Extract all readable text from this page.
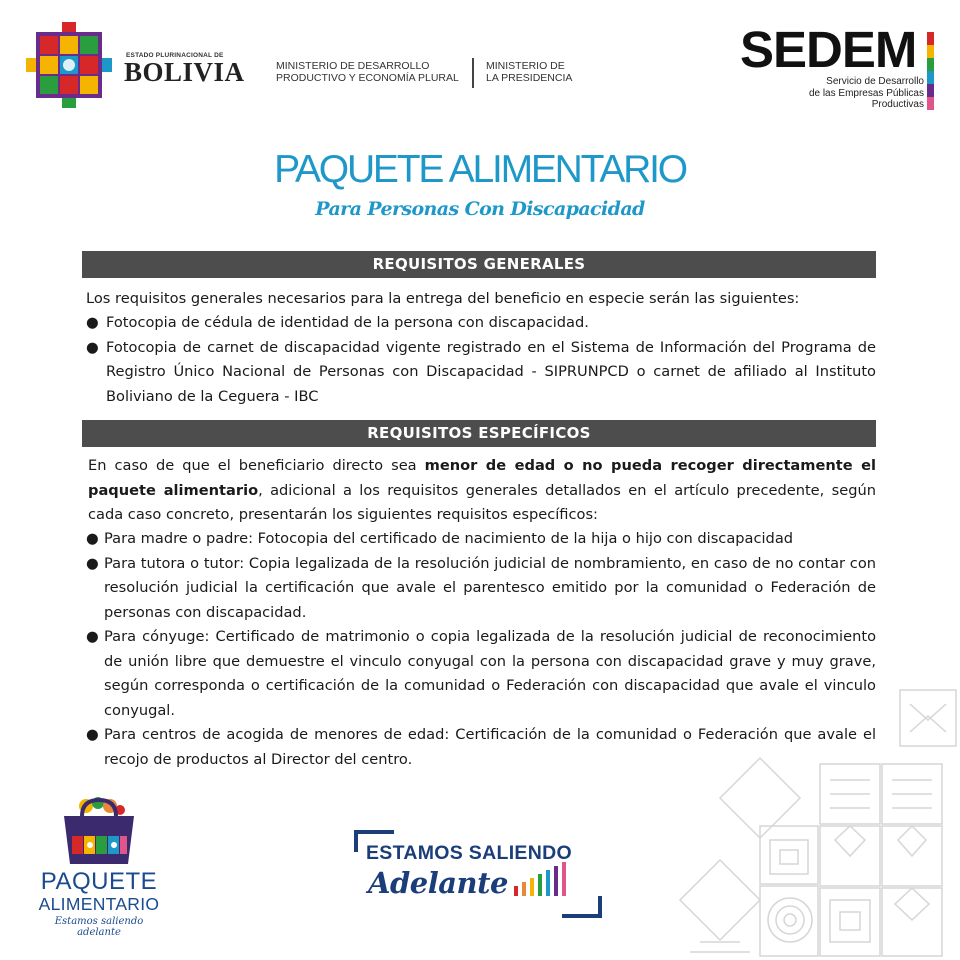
ESTADO PLURINACIONAL DE
BOLIVIA	MINISTERIO DE DESARROLLO
PRODUCTIVO Y ECONOMÍA PLURAL
MINISTERIO DE
LA PRESIDENCIA	SEDEM
Servicio de Desarrollo
de las Empresas Públicas
Productivas
PAQUETE ALIMENTARIO
Para Personas Con Discapacidad
REQUISITOS GENERALES
Los requisitos generales necesarios para la entrega del beneficio en especie serán las siguientes:
● Fotocopia de cédula de identidad de la persona con discapacidad.
● Fotocopia de carnet de discapacidad vigente registrado en el Sistema de Información del Programa de Registro Único Nacional de Personas con Discapacidad - SIPRUNPCD o carnet de afiliado al Instituto Boliviano de la Ceguera - IBC
REQUISITOS ESPECÍFICOS
En caso de que el beneficiario directo sea menor de edad o no pueda recoger directamente el paquete alimentario, adicional a los requisitos generales detallados en el artículo precedente, según cada caso concreto, presentarán los siguientes requisitos específicos:
● Para madre o padre: Fotocopia del certificado de nacimiento de la hija o hijo con discapacidad
● Para tutora o tutor: Copia legalizada de la resolución judicial de nombramiento, en caso de no contar con resolución judicial la certificación que avale el parentesco emitido por la comunidad o Federación de personas con discapacidad.
● Para cónyuge: Certificado de matrimonio o copia legalizada de la resolución judicial de reconocimiento de unión libre que demuestre el vinculo conyugal con la persona con discapacidad grave y muy grave, según corresponda o certificación de la comunidad o Federación con discapacidad que avale el vinculo conyugal.
● Para centros de acogida de menores de edad: Certificación de la comunidad o Federación que avale el recojo de productos al Director del centro.
PAQUETE
ALIMENTARIO
Estamos saliendo adelante
ESTAMOS SALIENDO
Adelante
